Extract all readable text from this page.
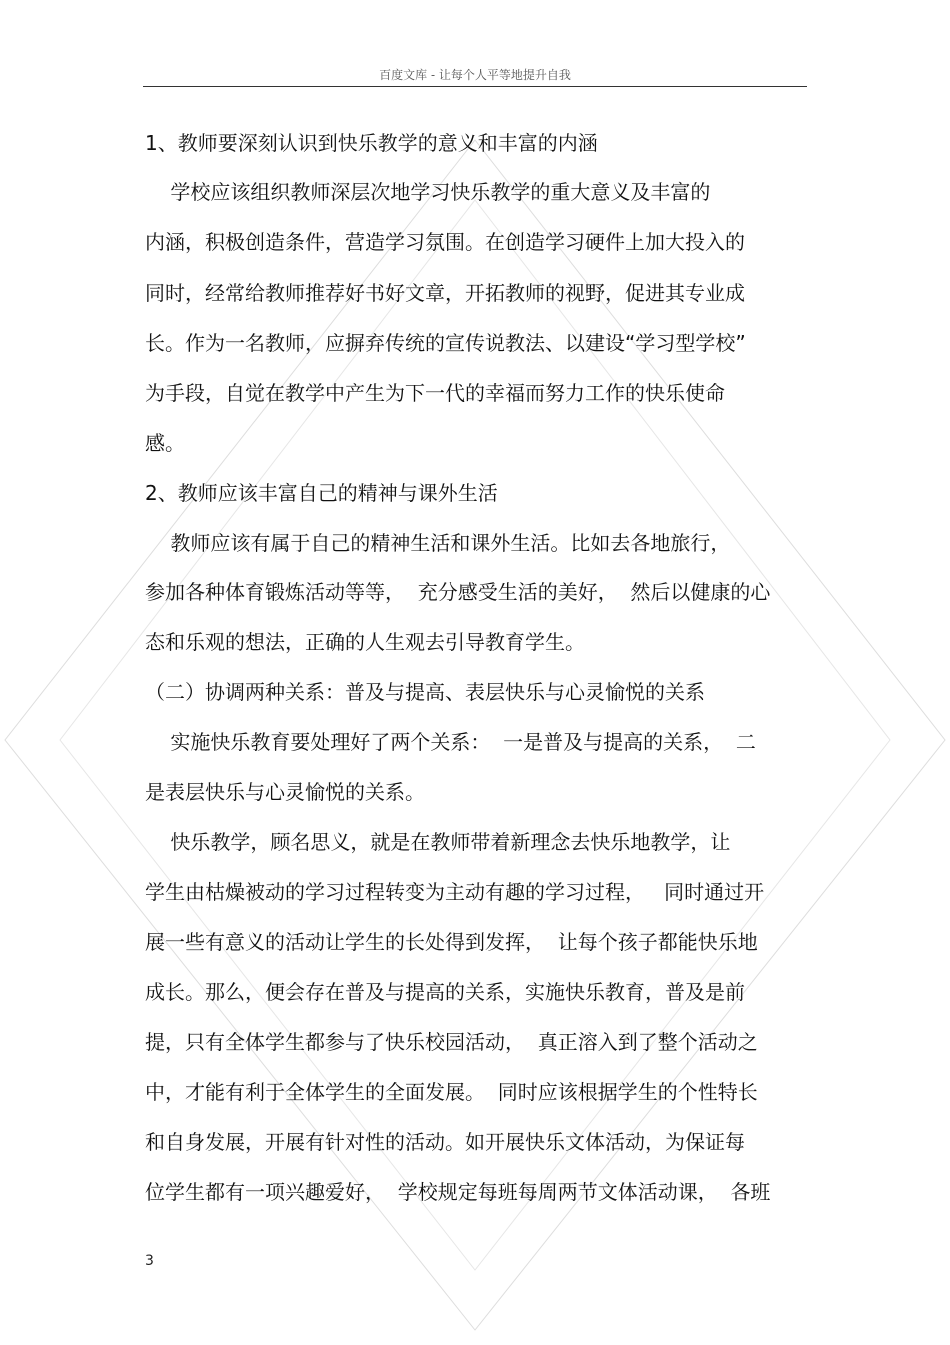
百度文库 - 让每个人平等地提升自我
1、教师要深刻认识到快乐教学的意义和丰富的内涵
学校应该组织教师深层次地学习快乐教学的重大意义及丰富的
内涵，积极创造条件，营造学习氛围。在创造学习硬件上加大投入的
同时，经常给教师推荐好书好文章，开拓教师的视野，促进其专业成
长。作为一名教师，应摒弃传统的宣传说教法、以建设“学习型学校”
为手段，自觉在教学中产生为下一代的幸福而努力工作的快乐使命
感。
2、教师应该丰富自己的精神与课外生活
教师应该有属于自己的精神生活和课外生活。比如去各地旅行，
参加各种体育锻炼活动等等，  充分感受生活的美好，  然后以健康的心
态和乐观的想法，正确的人生观去引导教育学生。
（二）协调两种关系：普及与提高、表层快乐与心灵愉悦的关系
实施快乐教育要处理好了两个关系：  一是普及与提高的关系，  二
是表层快乐与心灵愉悦的关系。
快乐教学，顾名思义，就是在教师带着新理念去快乐地教学，让
学生由枯燥被动的学习过程转变为主动有趣的学习过程，   同时通过开
展一些有意义的活动让学生的长处得到发挥，  让每个孩子都能快乐地
成长。那么，便会存在普及与提高的关系，实施快乐教育，普及是前
提，只有全体学生都参与了快乐校园活动，  真正溶入到了整个活动之
中，才能有利于全体学生的全面发展。  同时应该根据学生的个性特长
和自身发展，开展有针对性的活动。如开展快乐文体活动，为保证每
位学生都有一项兴趣爱好，  学校规定每班每周两节文体活动课，  各班
3
